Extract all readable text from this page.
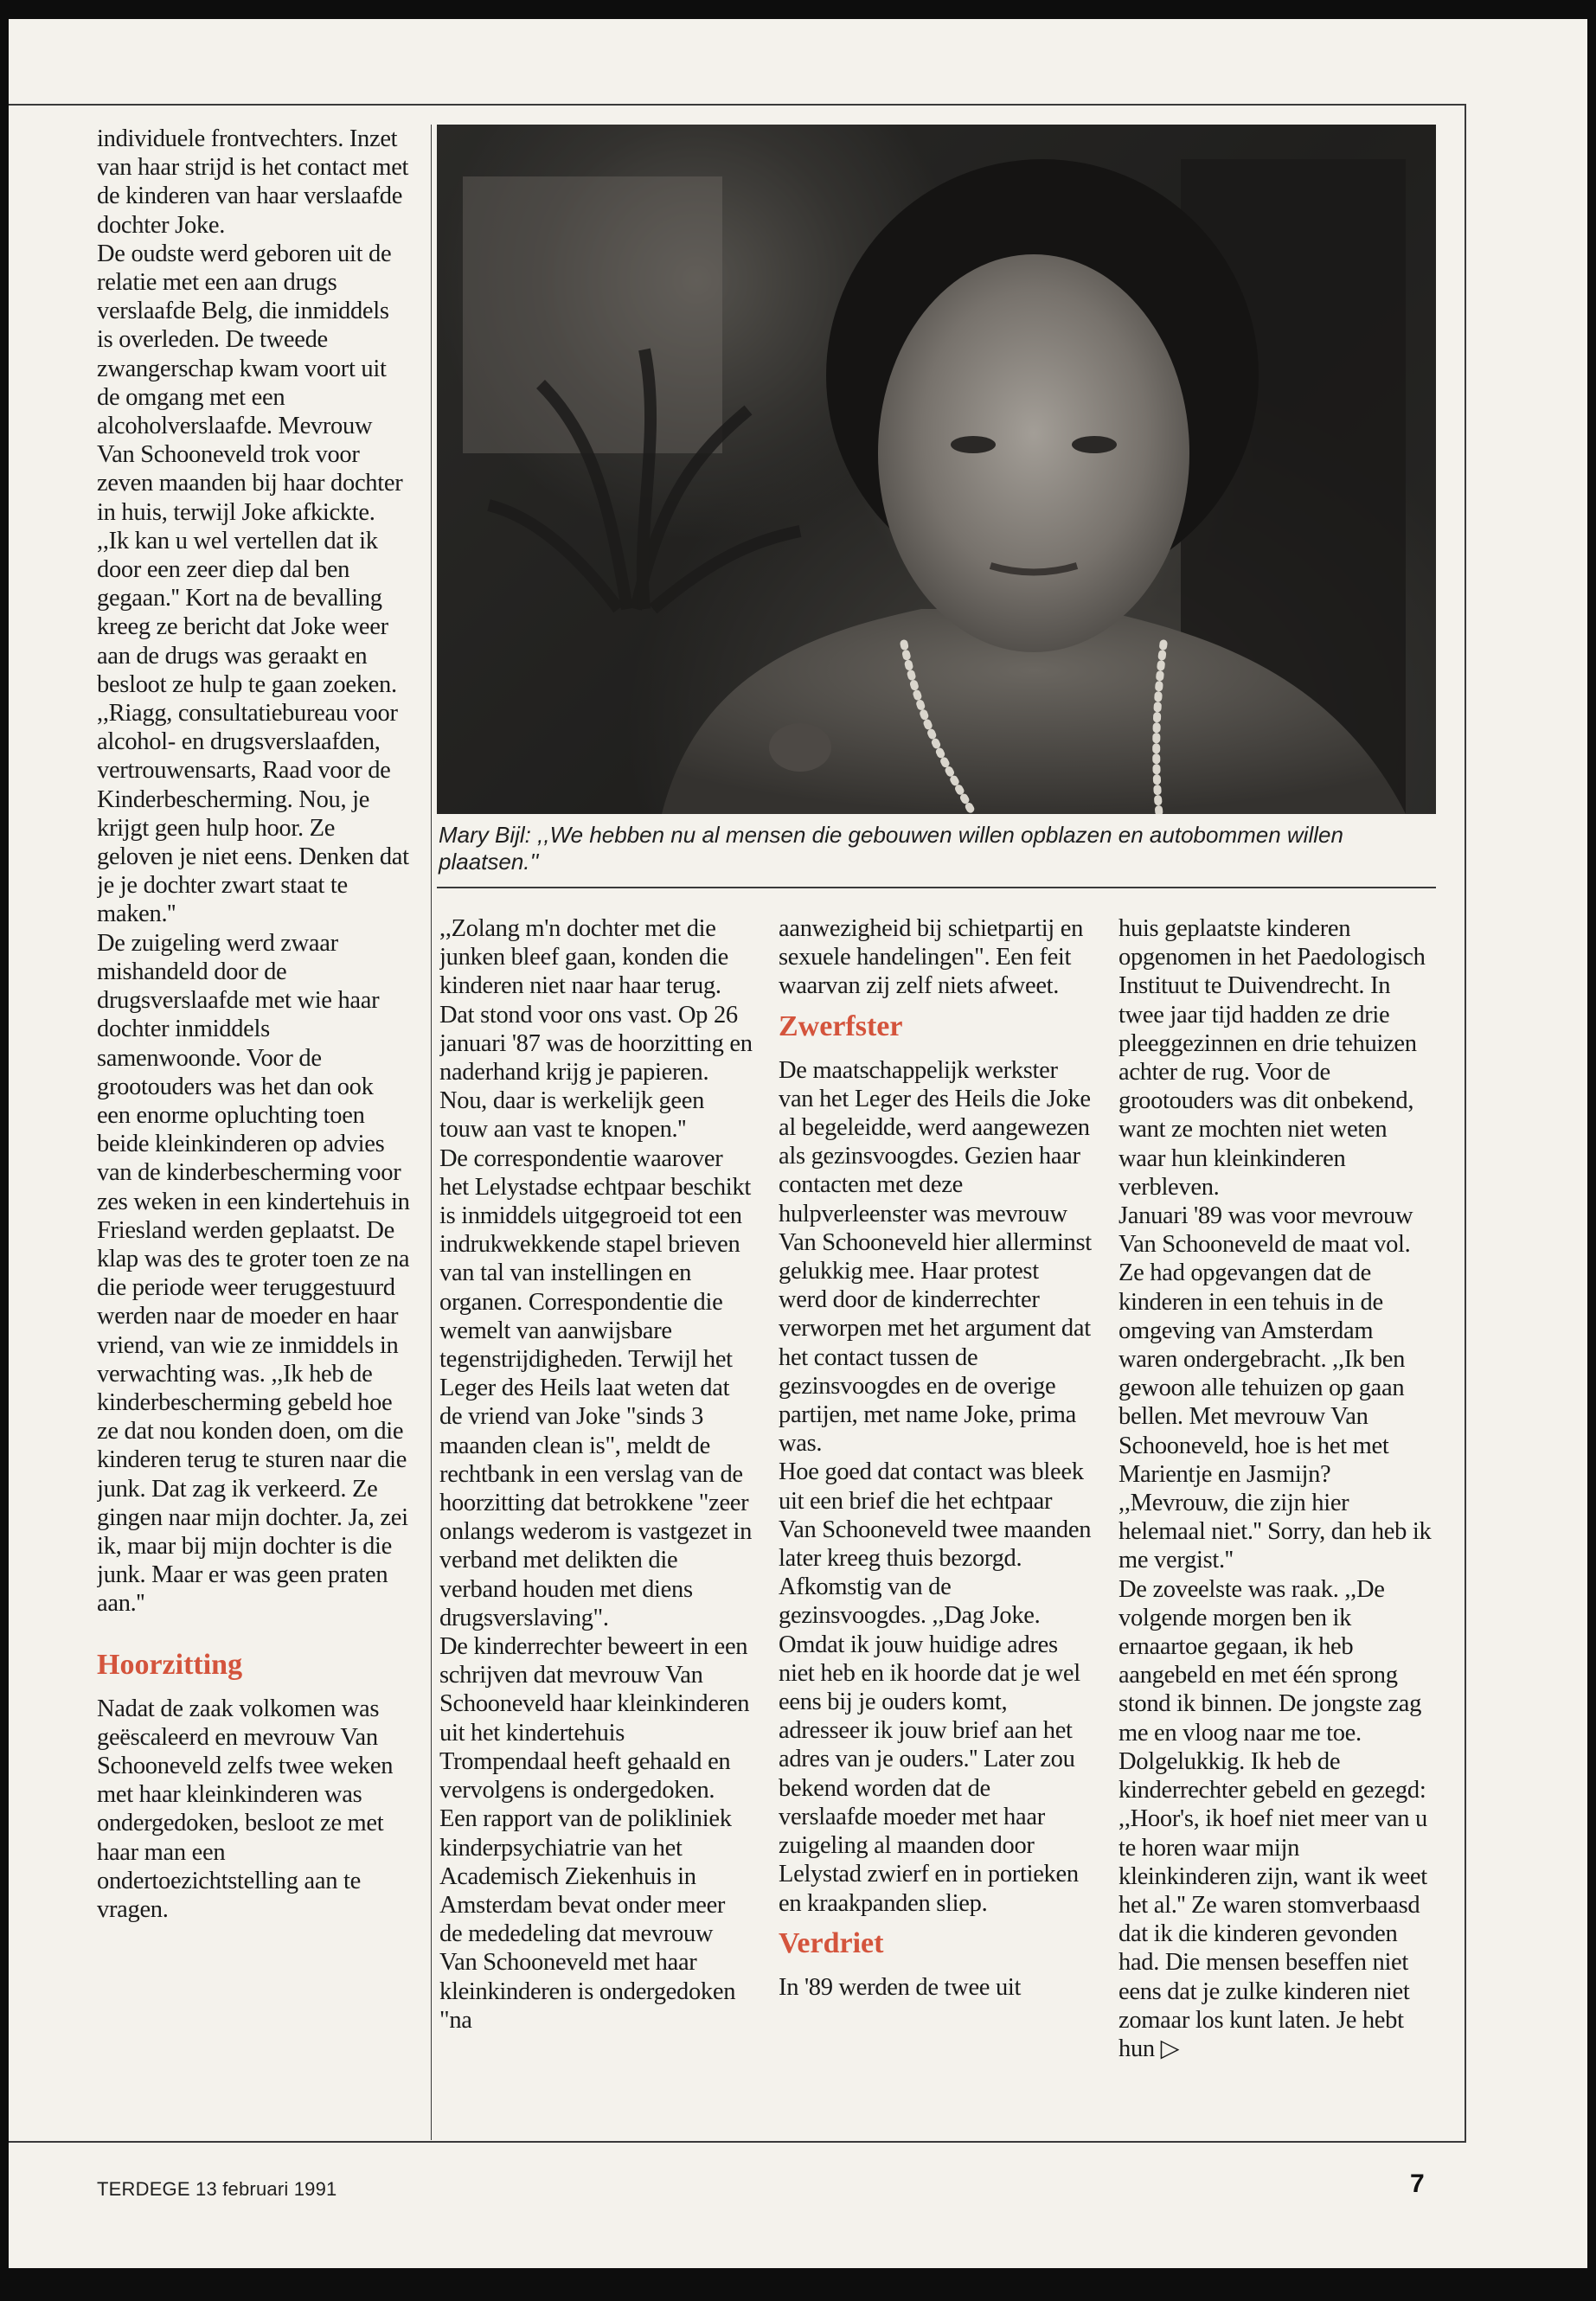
individuele frontvechters. Inzet van haar strijd is het contact met de kinderen van haar verslaafde dochter Joke.

De oudste werd geboren uit de relatie met een aan drugs verslaafde Belg, die inmiddels is overleden. De tweede zwangerschap kwam voort uit de omgang met een alcoholverslaafde. Mevrouw Van Schooneveld trok voor zeven maanden bij haar dochter in huis, terwijl Joke afkickte. ,,Ik kan u wel vertellen dat ik door een zeer diep dal ben gegaan.'' Kort na de bevalling kreeg ze bericht dat Joke weer aan de drugs was geraakt en besloot ze hulp te gaan zoeken. ,,Riagg, consultatiebureau voor alcohol- en drugsverslaafden, vertrouwensarts, Raad voor de Kinderbescherming. Nou, je krijgt geen hulp hoor. Ze geloven je niet eens. Denken dat je je dochter zwart staat te maken.''

De zuigeling werd zwaar mishandeld door de drugsverslaafde met wie haar dochter inmiddels samenwoonde. Voor de grootouders was het dan ook een enorme opluchting toen beide kleinkinderen op advies van de kinderbescherming voor zes weken in een kindertehuis in Friesland werden geplaatst. De klap was des te groter toen ze na die periode weer teruggestuurd werden naar de moeder en haar vriend, van wie ze inmiddels in verwachting was. ,,Ik heb de kinderbescherming gebeld hoe ze dat nou konden doen, om die kinderen terug te sturen naar die junk. Dat zag ik verkeerd. Ze gingen naar mijn dochter. Ja, zei ik, maar bij mijn dochter is die junk. Maar er was geen praten aan.''

Hoorzitting

Nadat de zaak volkomen was geëscaleerd en mevrouw Van Schooneveld zelfs twee weken met haar kleinkinderen was ondergedoken, besloot ze met haar man een ondertoezichtstelling aan te vragen.

Mary Bijl: ,,We hebben nu al mensen die gebouwen willen opblazen en autobommen willen plaatsen.''

,,Zolang m'n dochter met die junken bleef gaan, konden die kinderen niet naar haar terug. Dat stond voor ons vast. Op 26 januari '87 was de hoorzitting en naderhand krijg je papieren. Nou, daar is werkelijk geen touw aan vast te knopen.''

De correspondentie waarover het Lelystadse echtpaar beschikt is inmiddels uitgegroeid tot een indrukwekkende stapel brieven van tal van instellingen en organen. Correspondentie die wemelt van aanwijsbare tegenstrijdigheden. Terwijl het Leger des Heils laat weten dat de vriend van Joke "sinds 3 maanden clean is", meldt de rechtbank in een verslag van de hoorzitting dat betrokkene "zeer onlangs wederom is vastgezet in verband met delikten die verband houden met diens drugsverslaving".

De kinderrechter beweert in een schrijven dat mevrouw Van Schooneveld haar kleinkinderen uit het kindertehuis Trompendaal heeft gehaald en vervolgens is ondergedoken. Een rapport van de polikliniek kinderpsychiatrie van het Academisch Ziekenhuis in Amsterdam bevat onder meer de mededeling dat mevrouw Van Schooneveld met haar kleinkinderen is ondergedoken "na

aanwezigheid bij schietpartij en sexuele handelingen". Een feit waarvan zij zelf niets afweet.

Zwerfster

De maatschappelijk werkster van het Leger des Heils die Joke al begeleidde, werd aangewezen als gezinsvoogdes. Gezien haar contacten met deze hulpverleenster was mevrouw Van Schooneveld hier allerminst gelukkig mee. Haar protest werd door de kinderrechter verworpen met het argument dat het contact tussen de gezinsvoogdes en de overige partijen, met name Joke, prima was.

Hoe goed dat contact was bleek uit een brief die het echtpaar Van Schooneveld twee maanden later kreeg thuis bezorgd. Afkomstig van de gezinsvoogdes. ,,Dag Joke. Omdat ik jouw huidige adres niet heb en ik hoorde dat je wel eens bij je ouders komt, adresseer ik jouw brief aan het adres van je ouders.'' Later zou bekend worden dat de verslaafde moeder met haar zuigeling al maanden door Lelystad zwierf en in portieken en kraakpanden sliep.

Verdriet

In '89 werden de twee uit

huis geplaatste kinderen opgenomen in het Paedologisch Instituut te Duivendrecht. In twee jaar tijd hadden ze drie pleeggezinnen en drie tehuizen achter de rug. Voor de grootouders was dit onbekend, want ze mochten niet weten waar hun kleinkinderen verbleven.

Januari '89 was voor mevrouw Van Schooneveld de maat vol. Ze had opgevangen dat de kinderen in een tehuis in de omgeving van Amsterdam waren ondergebracht. ,,Ik ben gewoon alle tehuizen op gaan bellen. Met mevrouw Van Schooneveld, hoe is het met Marientje en Jasmijn? ,,Mevrouw, die zijn hier helemaal niet.'' Sorry, dan heb ik me vergist.''

De zoveelste was raak. ,,De volgende morgen ben ik ernaartoe gegaan, ik heb aangebeld en met één sprong stond ik binnen. De jongste zag me en vloog naar me toe. Dolgelukkig. Ik heb de kinderrechter gebeld en gezegd: ,,Hoor's, ik hoef niet meer van u te horen waar mijn kleinkinderen zijn, want ik weet het al.'' Ze waren stomverbaasd dat ik die kinderen gevonden had. Die mensen beseffen niet eens dat je zulke kinderen niet zomaar los kunt laten. Je hebt hun ▷

TERDEGE 13 februari 1991	7
